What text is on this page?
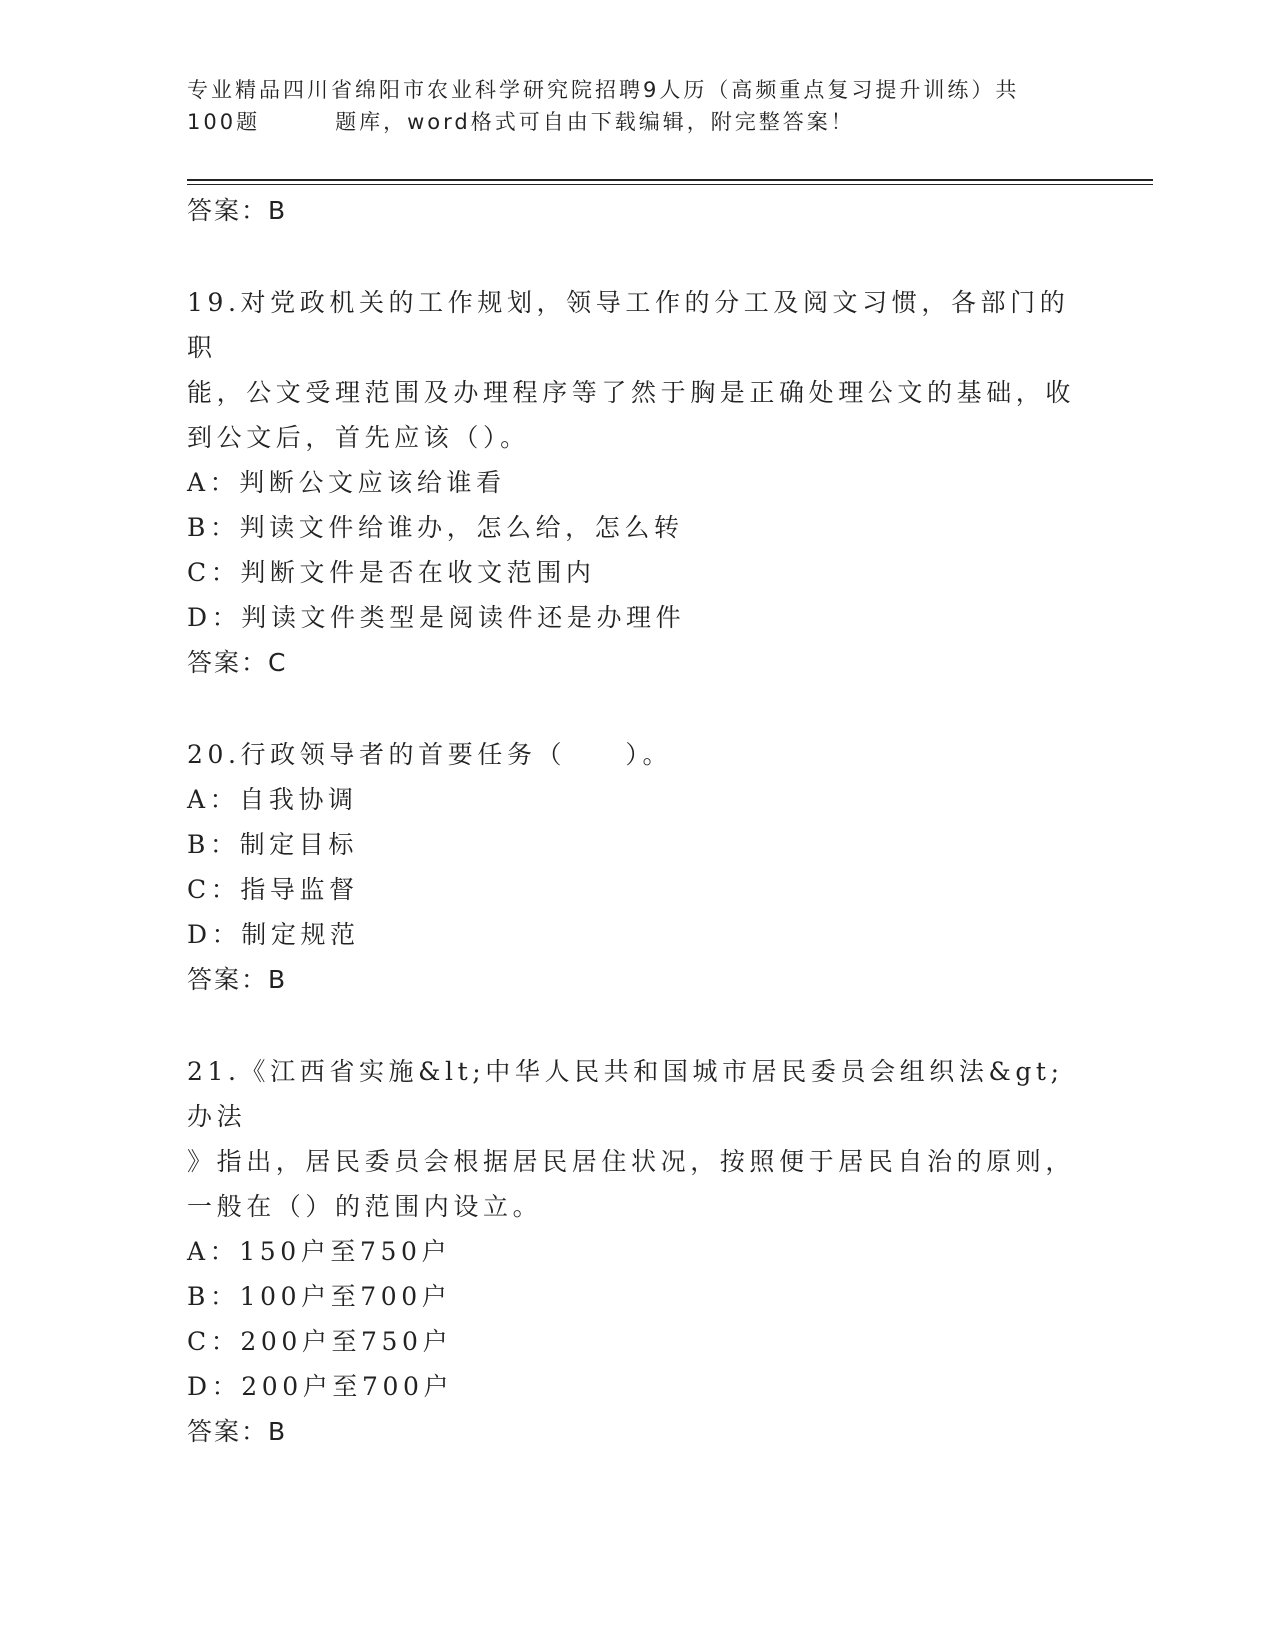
专业精品四川省绵阳市农业科学研究院招聘9人历（高频重点复习提升训练）共
100题	题库，word格式可自由下载编辑，附完整答案！
答案：B
19.对党政机关的工作规划，领导工作的分工及阅文习惯，各部门的职
能，公文受理范围及办理程序等了然于胸是正确处理公文的基础，收
到公文后，首先应该（）。
A：判断公文应该给谁看
B：判读文件给谁办，怎么给，怎么转
C：判断文件是否在收文范围内
D：判读文件类型是阅读件还是办理件
答案：C
20.行政领导者的首要任务（　　）。
A：自我协调
B：制定目标
C：指导监督
D：制定规范
答案：B
21.《江西省实施&lt;中华人民共和国城市居民委员会组织法&gt;办法
》指出，居民委员会根据居民居住状况，按照便于居民自治的原则，
一般在（）的范围内设立。
A：150户至750户
B：100户至700户
C：200户至750户
D：200户至700户
答案：B
